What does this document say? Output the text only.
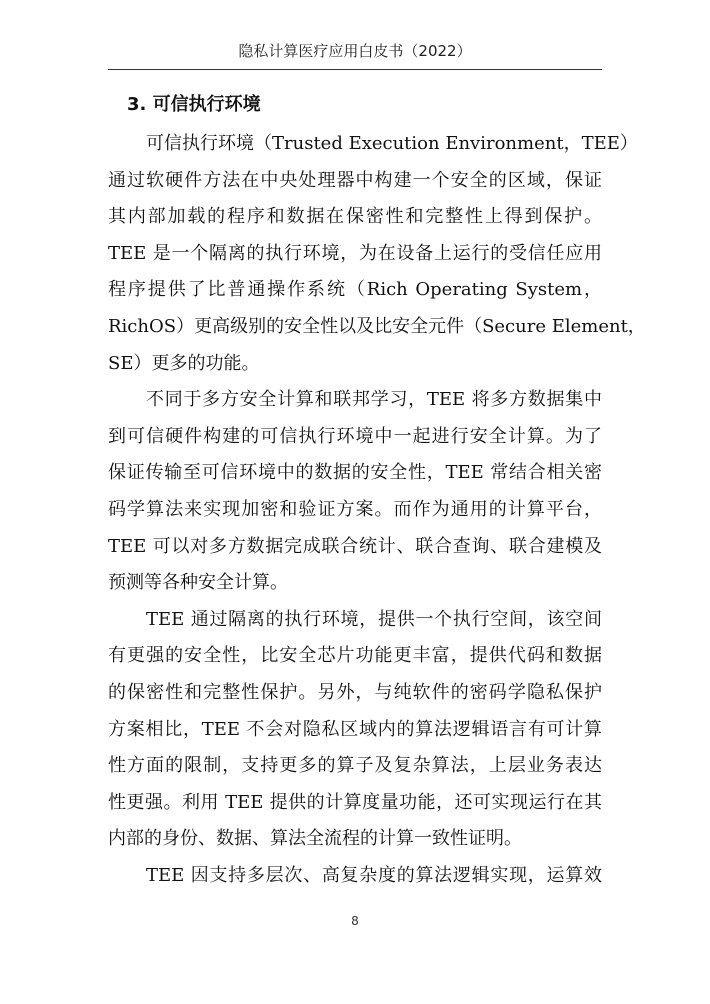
隐私计算医疗应用白皮书（2022）
3. 可信执行环境
可信执行环境（Trusted Execution Environment，TEE）
通过软硬件方法在中央处理器中构建一个安全的区域，保证
其内部加载的程序和数据在保密性和完整性上得到保护。
TEE 是一个隔离的执行环境，为在设备上运行的受信任应用
程序提供了比普通操作系统（Rich Operating System，
RichOS）更高级别的安全性以及比安全元件（Secure Element，
SE）更多的功能。
不同于多方安全计算和联邦学习，TEE 将多方数据集中
到可信硬件构建的可信执行环境中一起进行安全计算。为了
保证传输至可信环境中的数据的安全性，TEE 常结合相关密
码学算法来实现加密和验证方案。而作为通用的计算平台，
TEE 可以对多方数据完成联合统计、联合查询、联合建模及
预测等各种安全计算。
TEE 通过隔离的执行环境，提供一个执行空间，该空间
有更强的安全性，比安全芯片功能更丰富，提供代码和数据
的保密性和完整性保护。另外，与纯软件的密码学隐私保护
方案相比，TEE 不会对隐私区域内的算法逻辑语言有可计算
性方面的限制，支持更多的算子及复杂算法，上层业务表达
性更强。利用 TEE 提供的计算度量功能，还可实现运行在其
内部的身份、数据、算法全流程的计算一致性证明。
TEE 因支持多层次、高复杂度的算法逻辑实现，运算效
8
